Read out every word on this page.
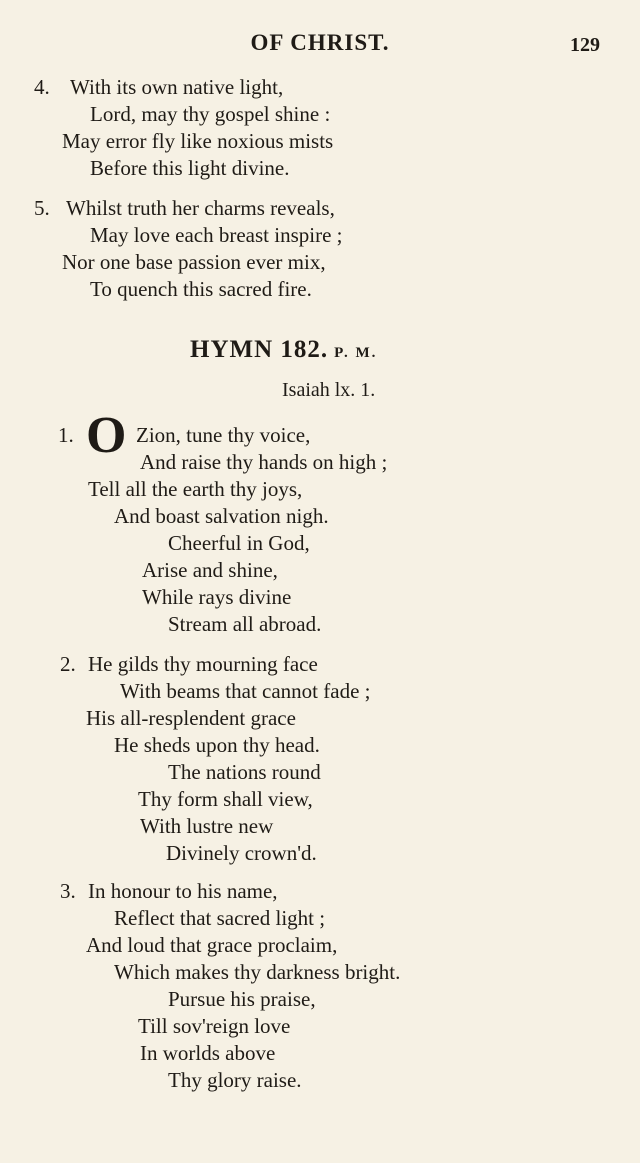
OF CHRIST.	129
4. With its own native light,
Lord, may thy gospel shine :
May error fly like noxious mists
Before this light divine.
5. Whilst truth her charms reveals,
May love each breast inspire ;
Nor one base passion ever mix,
To quench this sacred fire.
HYMN 182. P. M.
Isaiah lx. 1.
1. O Zion, tune thy voice,
And raise thy hands on high ;
Tell all the earth thy joys,
And boast salvation nigh.
Cheerful in God,
Arise and shine,
While rays divine
Stream all abroad.
2. He gilds thy mourning face
With beams that cannot fade ;
His all-resplendent grace
He sheds upon thy head.
The nations round
Thy form shall view,
With lustre new
Divinely crown'd.
3. In honour to his name,
Reflect that sacred light ;
And loud that grace proclaim,
Which makes thy darkness bright.
Pursue his praise,
Till sov'reign love
In worlds above
Thy glory raise.
